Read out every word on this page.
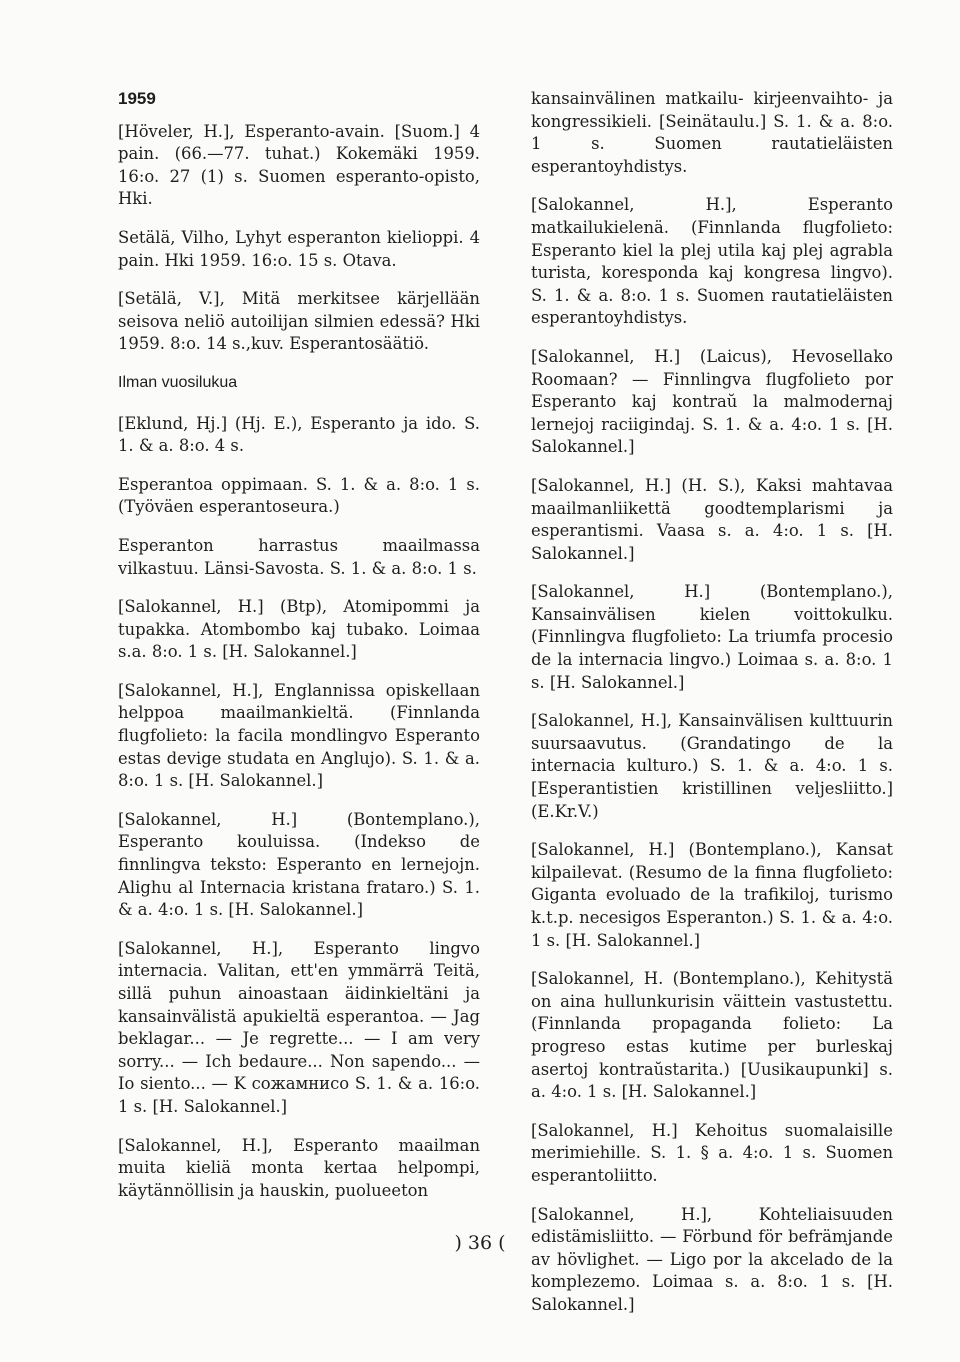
1959

[Höveler, H.], Esperanto-avain. [Suom.] 4 pain. (66.—77. tuhat.) Kokemäki 1959. 16:o. 27 (1) s. Suomen esperanto-opisto, Hki.

Setälä, Vilho, Lyhyt esperanton kielioppi. 4 pain. Hki 1959. 16:o. 15 s. Otava.

[Setälä, V.], Mitä merkitsee kärjellään seisova neliö autoilijan silmien edessä? Hki 1959. 8:o. 14 s.,kuv. Esperantosäätiö.

Ilman vuosilukua

[Eklund, Hj.] (Hj. E.), Esperanto ja ido. S. 1. & a. 8:o. 4 s.

Esperantoa oppimaan. S. 1. & a. 8:o. 1 s. (Työväen esperantoseura.)

Esperanton harrastus maailmassa vilkastuu. Länsi-Savosta. S. 1. & a. 8:o. 1 s.

[Salokannel, H.] (Btp), Atomipommi ja tupakka. Atombombo kaj tubako. Loimaa s.a. 8:o. 1 s. [H. Salokannel.]

[Salokannel, H.], Englannissa opiskellaan helppoa maailmankieltä. (Finnlanda flugfolieto: la facila mondlingvo Esperanto estas devige studata en Anglujo). S. 1. & a. 8:o. 1 s. [H. Salokannel.]

[Salokannel, H.] (Bontemplano.), Esperanto kouluissa. (Indekso de finnlingva teksto: Esperanto en lernejojn. Alighu al Internacia kristana frataro.) S. 1. & a. 4:o. 1 s. [H. Salokannel.]

[Salokannel, H.], Esperanto lingvo internacia. Valitan, ett'en ymmärrä Teitä, sillä puhun ainoastaan äidinkieltäni ja kansainvälistä apukieltä esperantoa. — Jag beklagar... — Je regrette... — I am very sorry... — Ich bedaure... Non sapendo... — Io siento... — K сожамнисо S. 1. & a. 16:o. 1 s. [H. Salokannel.]

[Salokannel, H.], Esperanto maailman muita kieliä monta kertaa helpompi, käytännöllisin ja hauskin, puolueeton

kansainvälinen matkailu- kirjeenvaihto- ja kongressikieli. [Seinätaulu.] S. 1. & a. 8:o. 1 s. Suomen rautatieläisten esperantoyhdistys.

[Salokannel, H.], Esperanto matkailukielenä. (Finnlanda flugfolieto: Esperanto kiel la plej utila kaj plej agrabla turista, koresponda kaj kongresa lingvo). S. 1. & a. 8:o. 1 s. Suomen rautatieläisten esperantoyhdistys.

[Salokannel, H.] (Laicus), Hevosellako Roomaan? — Finnlingva flugfolieto por Esperanto kaj kontraŭ la malmodernaj lernejoj raciigindaj. S. 1. & a. 4:o. 1 s. [H. Salokannel.]

[Salokannel, H.] (H. S.), Kaksi mahtavaa maailmanliikettä goodtemplarismi ja esperantismi. Vaasa s. a. 4:o. 1 s. [H. Salokannel.]

[Salokannel, H.] (Bontemplano.), Kansainvälisen kielen voittokulku. (Finnlingva flugfolieto: La triumfa procesio de la internacia lingvo.) Loimaa s. a. 8:o. 1 s. [H. Salokannel.]

[Salokannel, H.], Kansainvälisen kulttuurin suursaavutus. (Grandatingo de la internacia kulturo.) S. 1. & a. 4:o. 1 s. [Esperantistien kristillinen veljesliitto.] (E.Kr.V.)

[Salokannel, H.] (Bontemplano.), Kansat kilpailevat. (Resumo de la finna flugfolieto: Giganta evoluado de la trafikiloj, turismo k.t.p. necesigos Esperanton.) S. 1. & a. 4:o. 1 s. [H. Salokannel.]

[Salokannel, H. (Bontemplano.), Kehitystä on aina hullunkurisin väittein vastustettu. (Finnlanda propaganda folieto: La progreso estas kutime per burleskaj asertoj kontraŭstarita.) [Uusikaupunki] s. a. 4:o. 1 s. [H. Salokannel.]

[Salokannel, H.] Kehoitus suomalaisille merimiehille. S. 1. § a. 4:o. 1 s. Suomen esperantoliitto.

[Salokannel, H.], Kohteliaisuuden edistämisliitto. — Förbund för befrämjande av hövlighet. — Ligo por la akcelado de la komplezemo. Loimaa s. a. 8:o. 1 s. [H. Salokannel.]

) 36 (
